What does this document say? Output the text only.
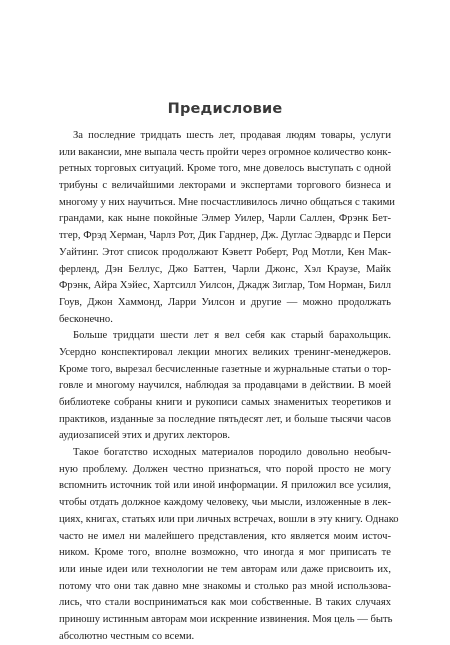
Предисловие
За последние тридцать шесть лет, продавая людям товары, услуги
или вакансии, мне выпала честь пройти через огромное количество конк-
ретных торговых ситуаций. Кроме того, мне довелось выступать с одной
трибуны с величайшими лекторами и экспертами торгового бизнеса и
многому у них научиться. Мне посчастливилось лично общаться с такими
грандами, как ныне покойные Элмер Уилер, Чарли Саллен, Фрэнк Бет-
тгер, Фрэд Херман, Чарлз Рот, Дик Гарднер, Дж. Дуглас Эдвардс и Перси
Уайтинг. Этот список продолжают Кэветт Роберт, Род Мотли, Кен Мак-
ферленд, Дэн Беллус, Джо Баттен, Чарли Джонс, Хэл Краузе, Майк
Фрэнк, Айра Хэйес, Хартсилл Уилсон, Джадж Зиглар, Том Норман, Билл
Гоув, Джон Хаммонд, Ларри Уилсон и другие — можно продолжать
бесконечно.
Больше тридцати шести лет я вел себя как старый барахольщик.
Усердно конспектировал лекции многих великих тренинг-менеджеров.
Кроме того, вырезал бесчисленные газетные и журнальные статьи о тор-
говле и многому научился, наблюдая за продавцами в действии. В моей
библиотеке собраны книги и рукописи самых знаменитых теоретиков и
практиков, изданные за последние пятьдесят лет, и больше тысячи часов
аудиозаписей этих и других лекторов.
Такое богатство исходных материалов породило довольно необыч-
ную проблему. Должен честно признаться, что порой просто не могу
вспомнить источник той или иной информации. Я приложил все усилия,
чтобы отдать должное каждому человеку, чьи мысли, изложенные в лек-
циях, книгах, статьях или при личных встречах, вошли в эту книгу. Однако
часто не имел ни малейшего представления, кто является моим источ-
ником. Кроме того, вполне возможно, что иногда я мог приписать те
или иные идеи или технологии не тем авторам или даже присвоить их,
потому что они так давно мне знакомы и столько раз мной использова-
лись, что стали восприниматься как мои собственные. В таких случаях
приношу истинным авторам мои искренние извинения. Моя цель — быть
абсолютно честным со всеми.
